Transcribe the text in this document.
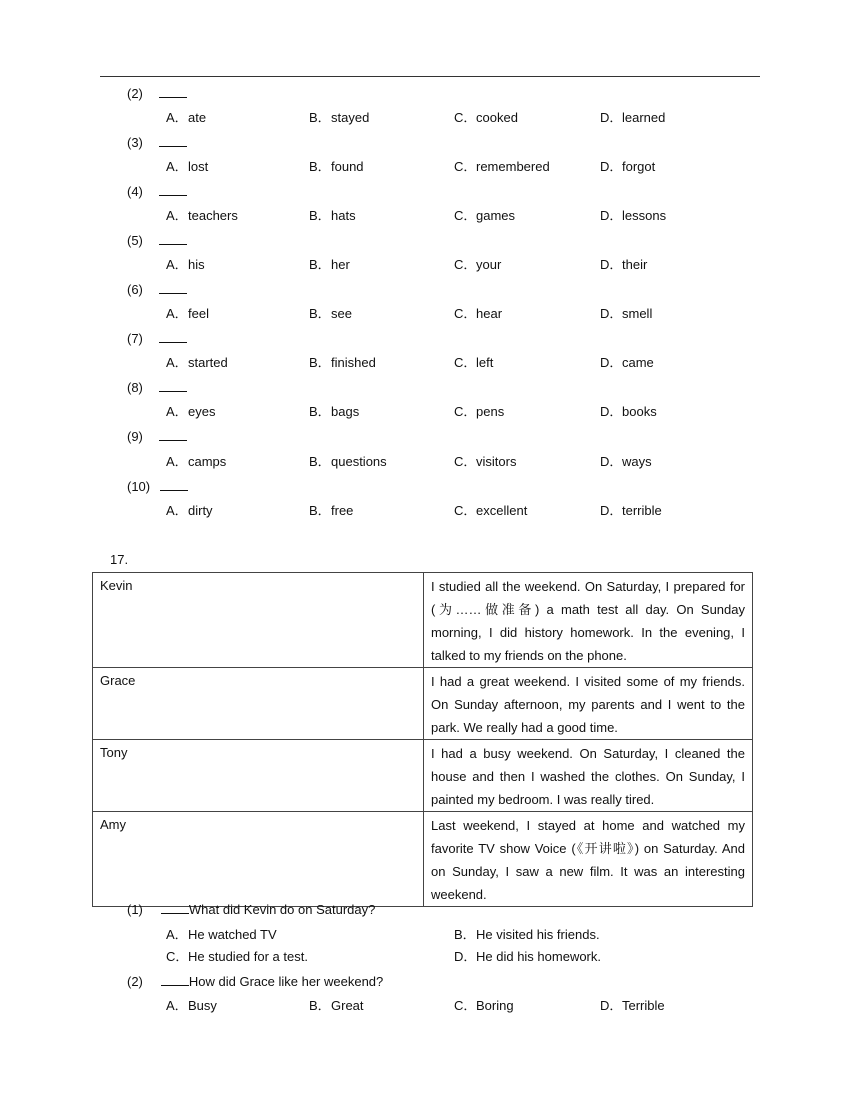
(2)
A．ate	B．stayed	C．cooked	D．learned
(3)
A．lost	B．found	C．remembered	D．forgot
(4)
A．teachers	B．hats	C．games	D．lessons
(5)
A．his	B．her	C．your	D．their
(6)
A．feel	B．see	C．hear	D．smell
(7)
A．started	B．finished	C．left	D．came
(8)
A．eyes	B．bags	C．pens	D．books
(9)
A．camps	B．questions	C．visitors	D．ways
(10)
A．dirty	B．free	C．excellent	D．terrible
17.
Kevin	I studied all the weekend. On Saturday, I prepared for (为……做准备) a math test all day. On Sunday morning, I did history homework. In the evening, I talked to my friends on the phone.
Grace	I had a great weekend. I visited some of my friends. On Sunday afternoon, my parents and I went to the park. We really had a good time.
Tony	I had a busy weekend. On Saturday, I cleaned the house and then I washed the clothes. On Sunday, I painted my bedroom. I was really tired.
Amy	Last weekend, I stayed at home and watched my favorite TV show Voice (《开讲啦》) on Saturday. And on Sunday, I saw a new film. It was an interesting weekend.
(1)	What did Kevin do on Saturday?
A．He watched TV	B．He visited his friends.
C．He studied for a test.	D．He did his homework.
(2)	How did Grace like her weekend?
A．Busy	B．Great	C．Boring	D．Terrible
